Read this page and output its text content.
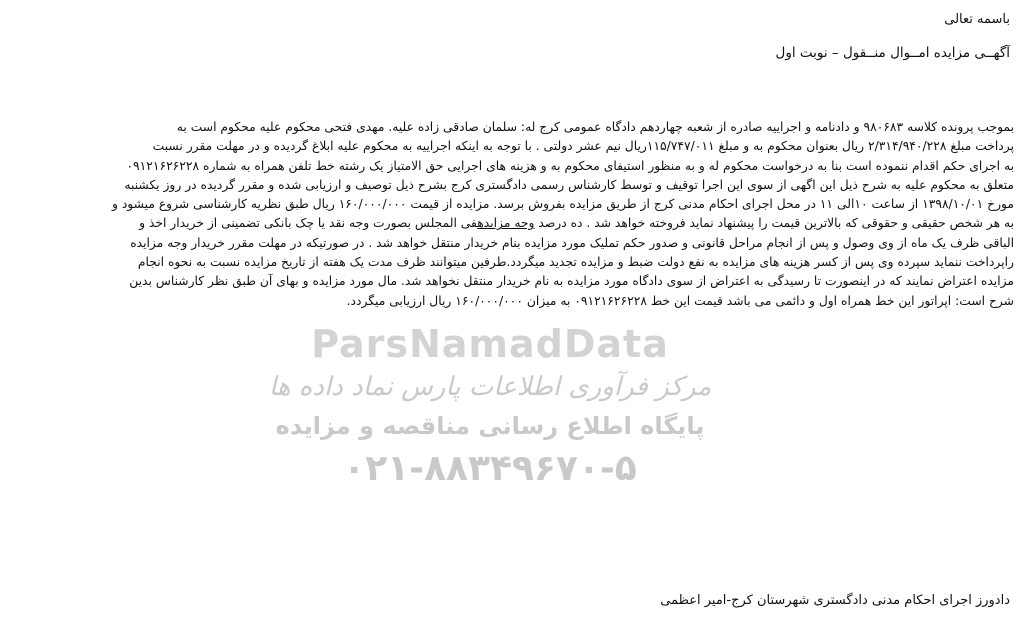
باسمه تعالی
آگهــی مزایده امــوال منــقول – نوبت اول
ParsNamadData
مرکز فرآوری اطلاعات پارس نماد داده ها
پایگاه اطلاع رسانی مناقصه و مزایده
۰۲۱-۸۸۳۴۹۶۷۰-۵
بموجب پرونده کلاسه ۹۸۰۶۸۳ و دادنامه و اجراییه صادره از شعبه چهاردهم دادگاه عمومی کرج له: سلمان صادقی زاده علیه. مهدی فتحی محکوم علیه محکوم است به
پرداخت مبلغ ۲/۳۱۴/۹۴۰/۲۲۸ ریال بعنوان محکوم به و مبلغ ۱۱۵/۷۴۷/۰۱۱ریال نیم عشر دولتی . با توجه به اینکه اجراییه به محکوم علیه ابلاغ گردیده و در مهلت مقرر نسبت
به اجرای حکم اقدام ننموده است بنا به درخواست محکوم له و به منظور استیفای محکوم به و هزینه های اجرایی حق الامتیاز یک رشته خط تلفن همراه به شماره ۰۹۱۲۱۶۲۶۲۲۸
متعلق به محکوم علیه به شرح ذیل این اگهی از سوی این اجرا توقیف و توسط کارشناس رسمی دادگستری کرج بشرح ذیل توصیف و ارزیابی شده و مقرر گردیده در روز یکشنبه
مورخ ۱۳۹۸/۱۰/۰۱ از ساعت ۱۰الی ۱۱ در محل اجرای احکام مدنی کرج از طریق مزایده بفروش برسد. مزایده از قیمت ۱۶۰/۰۰۰/۰۰۰ ریال طبق نظریه کارشناسی شروع میشود و
به هر شخص حقیقی و حقوقی که بالاترین قیمت را پیشنهاد نماید فروخته خواهد شد . ده درصد وجه مزایدهفی المجلس بصورت وجه نقد یا چک بانکی تضمینی از خریدار اخذ و
الباقی ظرف یک ماه از وی وصول و پس از انجام مراحل قانونی و صدور حکم تملیک مورد مزایده بنام خریدار منتقل خواهد شد . در صورتیکه در مهلت مقرر خریدار وجه مزایده
راپرداخت ننماید سپرده وی پس از کسر هزینه های مزایده به نفع دولت ضبط و مزایده تجدید میگردد.طرفین میتوانند ظرف مدت یک هفته از تاریخ مزایده نسبت به نحوه انجام
مزایده اعتراض نمایند که در اینصورت تا رسیدگی به اعتراض از سوی دادگاه مورد مزایده به نام خریدار منتقل نخواهد شد. مال مورد مزایده و بهای آن طبق نظر کارشناس بدین
شرح است: اپراتور این خط همراه اول و دائمی می باشد قیمت این خط ۰۹۱۲۱۶۲۶۲۲۸ به میزان ۱۶۰/۰۰۰/۰۰۰ ریال ارزیابی میگردد.
دادورز اجرای احکام مدنی دادگستری شهرستان کرج-امیر اعظمی
